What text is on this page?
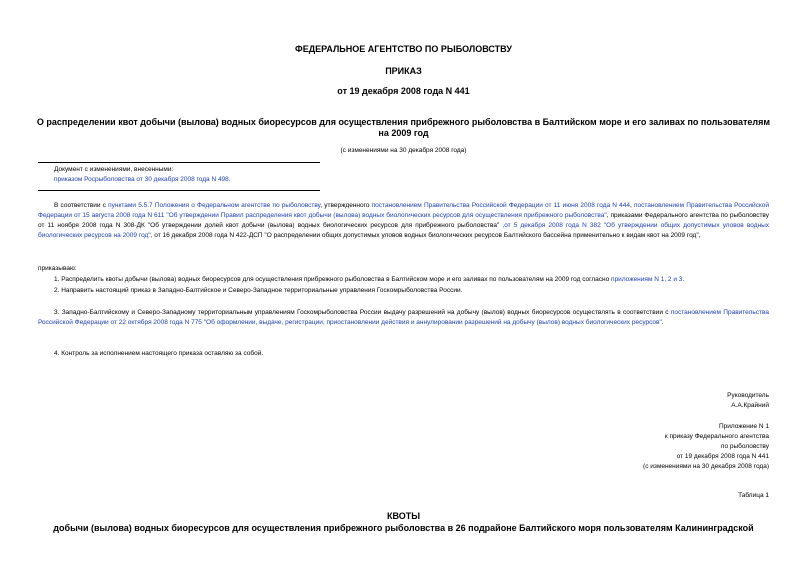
ФЕДЕРАЛЬНОЕ АГЕНТСТВО ПО РЫБОЛОВСТВУ
ПРИКАЗ
от 19 декабря 2008 года N 441
О распределении квот добычи (вылова) водных биоресурсов для осуществления прибрежного рыболовства в Балтийском море и его заливах по пользователям
на 2009 год
(с изменениями на 30 декабря 2008 года)
Документ с изменениями, внесенными:
приказом Росрыболовства от 30 декабря 2008 года N 498.
В соответствии с пунктами 5.5.7 Положения о Федеральном агентстве по рыболовству, утвержденного постановлением Правительства Российской Федерации от 11 июня 2008 года N 444, постановлением Правительства Российской Федерации от 15 августа 2008 года N 611 "Об утверждении Правил распределения квот добычи (вылова) водных биологических ресурсов для осуществления прибрежного рыболовства", приказами Федерального агентства по рыболовству от 11 ноября 2008 года N 308-ДК "Об утверждении долей квот добычи (вылова) водных биологических ресурсов для прибрежного рыболовства" ,от 5 декабря 2008 года N 382 "Об утверждении общих допустимых уловов водных биологических ресурсов на 2009 год", от 16 декабря 2008 года N 422-ДСП "О распределении общих допустимых уловов водных биологических ресурсов Балтийского бассейна применительно к видам квот на 2009 год",
приказываю:
1. Распределить квоты добычи (вылова) водных биоресурсов для осуществления прибрежного рыболовства в Балтийском море и его заливах по пользователям на 2009 год согласно приложениям N 1, 2 и 3.
2. Направить настоящий приказ в Западно-Балтийское и Северо-Западное территориальные управления Госкомрыболовства России.
3. Западно-Балтийскому и Северо-Западному территориальным управлениям Госкомрыболовства России выдачу разрешений на добычу (вылов) водных биоресурсов осуществлять в соответствии с постановлением Правительства Российской Федерации от 22 октября 2008 года N 775 "Об оформлении, выдаче, регистрации, приостановлении действия и аннулировании разрешений на добычу (вылов) водных биологических ресурсов".
4. Контроль за исполнением настоящего приказа оставляю за собой.
Руководитель
А.А.Крайний
Приложение N 1
к приказу Федерального агентства
по рыболовству
от 19 декабря 2008 года N 441
(с изменениями на 30 декабря 2008 года)
Таблица 1
КВОТЫ
добычи (вылова) водных биоресурсов для осуществления прибрежного рыболовства в 26 подрайоне Балтийского моря пользователям Калининградской
